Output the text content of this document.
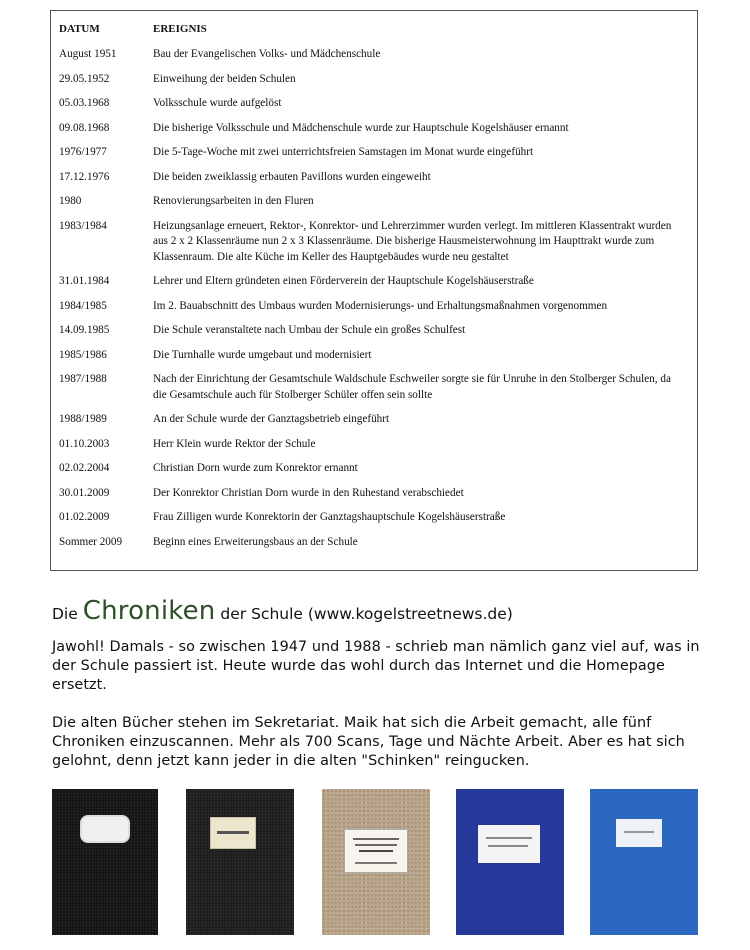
DATUM	EREIGNIS
August 1951	Bau der Evangelischen Volks- und Mädchenschule
29.05.1952	Einweihung der beiden Schulen
05.03.1968	Volksschule wurde aufgelöst
09.08.1968	Die bisherige Volksschule und Mädchenschule wurde zur Hauptschule Kogelshäuser ernannt
1976/1977	Die 5-Tage-Woche mit zwei unterrichtsfreien Samstagen im Monat wurde eingeführt
17.12.1976	Die beiden zweiklassig erbauten Pavillons wurden eingeweiht
1980	Renovierungsarbeiten in den Fluren
1983/1984	Heizungsanlage erneuert, Rektor-, Konrektor- und Lehrerzimmer wurden verlegt. Im mittleren Klassentrakt wurden aus 2 x 2 Klassenräume nun 2 x 3 Klassenräume. Die bisherige Hausmeisterwohnung im Haupttrakt wurde zum Klassenraum. Die alte Küche im Keller des Hauptgebäudes wurde neu gestaltet
31.01.1984	Lehrer und Eltern gründeten einen Förderverein der Hauptschule Kogelshäuserstraße
1984/1985	Im 2. Bauabschnitt des Umbaus wurden Modernisierungs- und Erhaltungsmaßnahmen vorgenommen
14.09.1985	Die Schule veranstaltete nach Umbau der Schule ein großes Schulfest
1985/1986	Die Turnhalle wurde umgebaut und modernisiert
1987/1988	Nach der Einrichtung der Gesamtschule Waldschule Eschweiler sorgte sie für Unruhe in den Stolberger Schulen, da die Gesamtschule auch für Stolberger Schüler offen sein sollte
1988/1989	An der Schule wurde der Ganztagsbetrieb eingeführt
01.10.2003	Herr Klein wurde Rektor der Schule
02.02.2004	Christian Dorn wurde zum Konrektor ernannt
30.01.2009	Der Konrektor Christian Dorn wurde in den Ruhestand verabschiedet
01.02.2009	Frau Zilligen wurde Konrektorin der Ganztagshauptschule Kogelshäuserstraße
Sommer 2009	Beginn eines Erweiterungsbaus an der Schule
Die Chroniken der Schule (www.kogelstreetnews.de)

Jawohl! Damals - so zwischen 1947 und 1988 - schrieb man nämlich ganz viel auf, was in der Schule passiert ist. Heute wurde das wohl durch das Internet und die Homepage ersetzt.

Die alten Bücher stehen im Sekretariat. Maik hat sich die Arbeit gemacht, alle fünf Chroniken einzuscannen. Mehr als 700 Scans, Tage und Nächte Arbeit. Aber es hat sich gelohnt, denn jetzt kann jeder in die alten "Schinken" reingucken.
